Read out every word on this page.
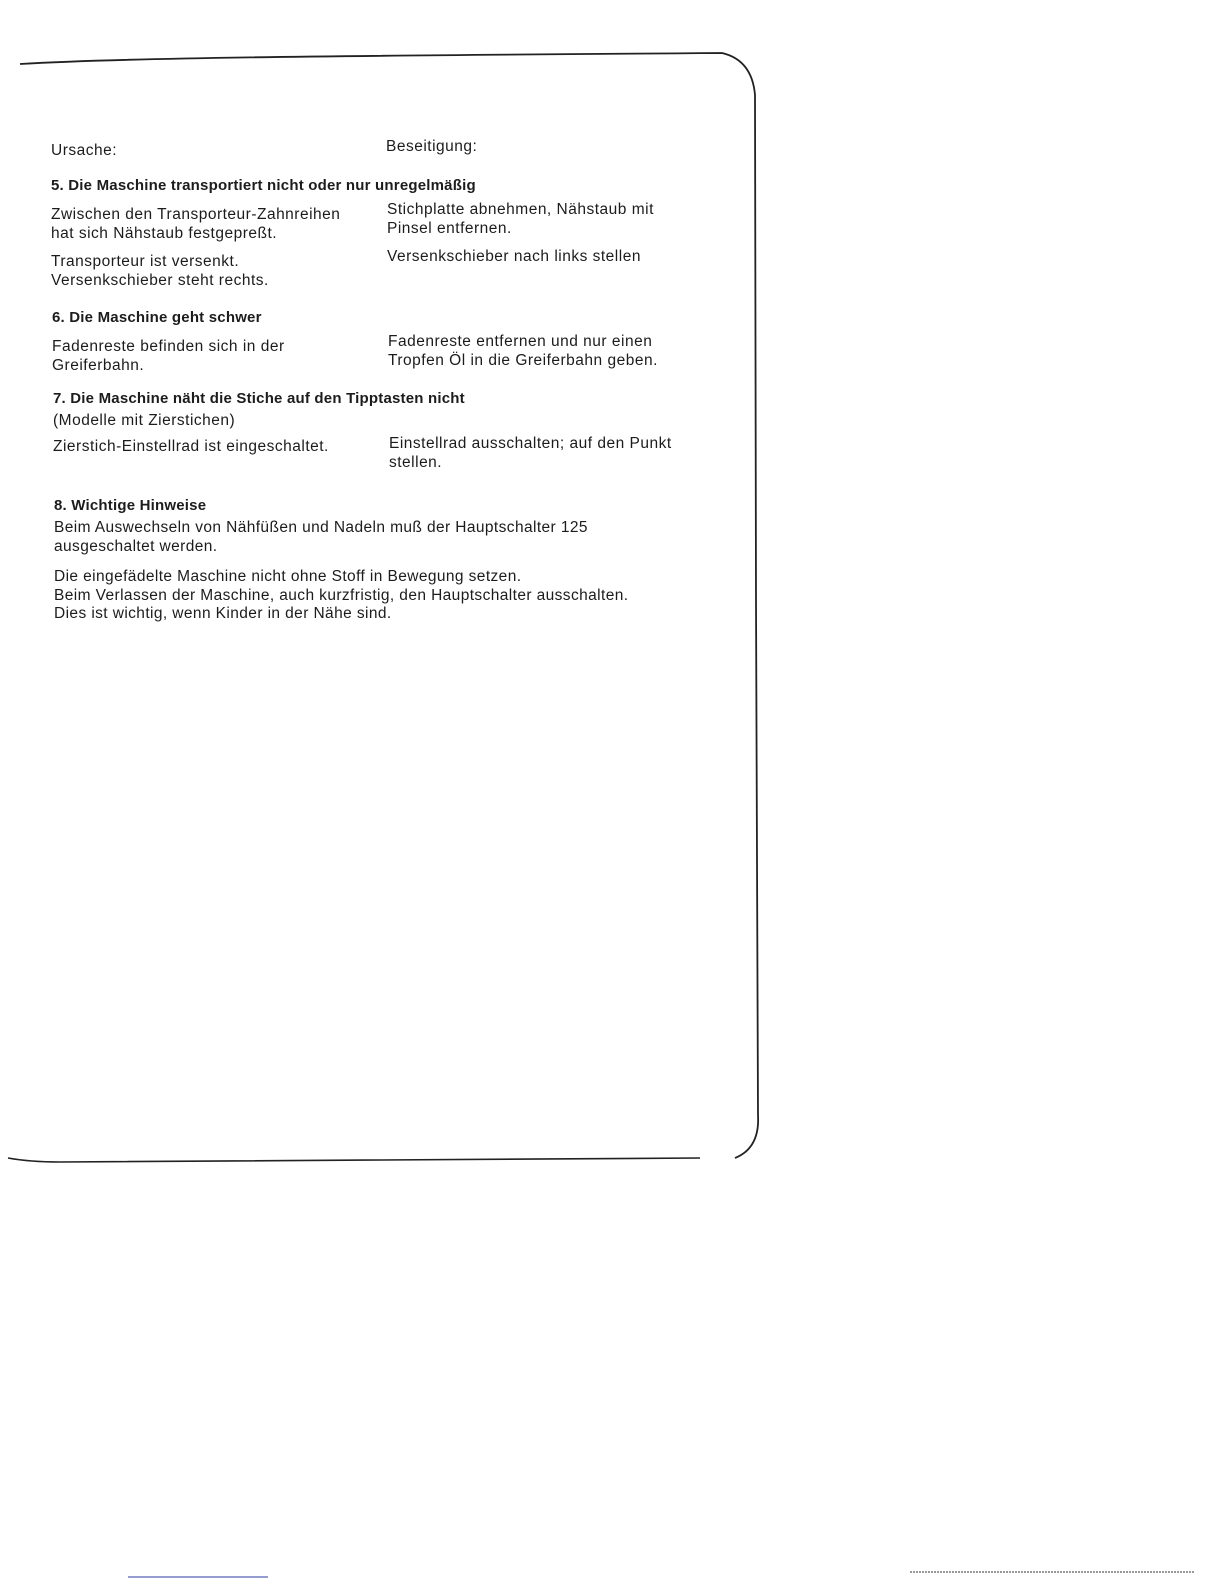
Ursache:	Beseitigung:
5. Die Maschine transportiert nicht oder nur unregelmäßig
Zwischen den Transporteur-Zahnreihen
hat sich Nähstaub festgepreßt.
Stichplatte abnehmen, Nähstaub mit
Pinsel entfernen.
Transporteur ist versenkt.
Versenkschieber steht rechts.
Versenkschieber nach links stellen
6. Die Maschine geht schwer
Fadenreste befinden sich in der
Greiferbahn.
Fadenreste entfernen und nur einen
Tropfen Öl in die Greiferbahn geben.
7. Die Maschine näht die Stiche auf den Tipptasten nicht
(Modelle mit Zierstichen)
Zierstich-Einstellrad ist eingeschaltet.	Einstellrad ausschalten; auf den Punkt
stellen.
8. Wichtige Hinweise
Beim Auswechseln von Nähfüßen und Nadeln muß der Hauptschalter 125
ausgeschaltet werden.
Die eingefädelte Maschine nicht ohne Stoff in Bewegung setzen.
Beim Verlassen der Maschine, auch kurzfristig, den Hauptschalter ausschalten.
Dies ist wichtig, wenn Kinder in der Nähe sind.
